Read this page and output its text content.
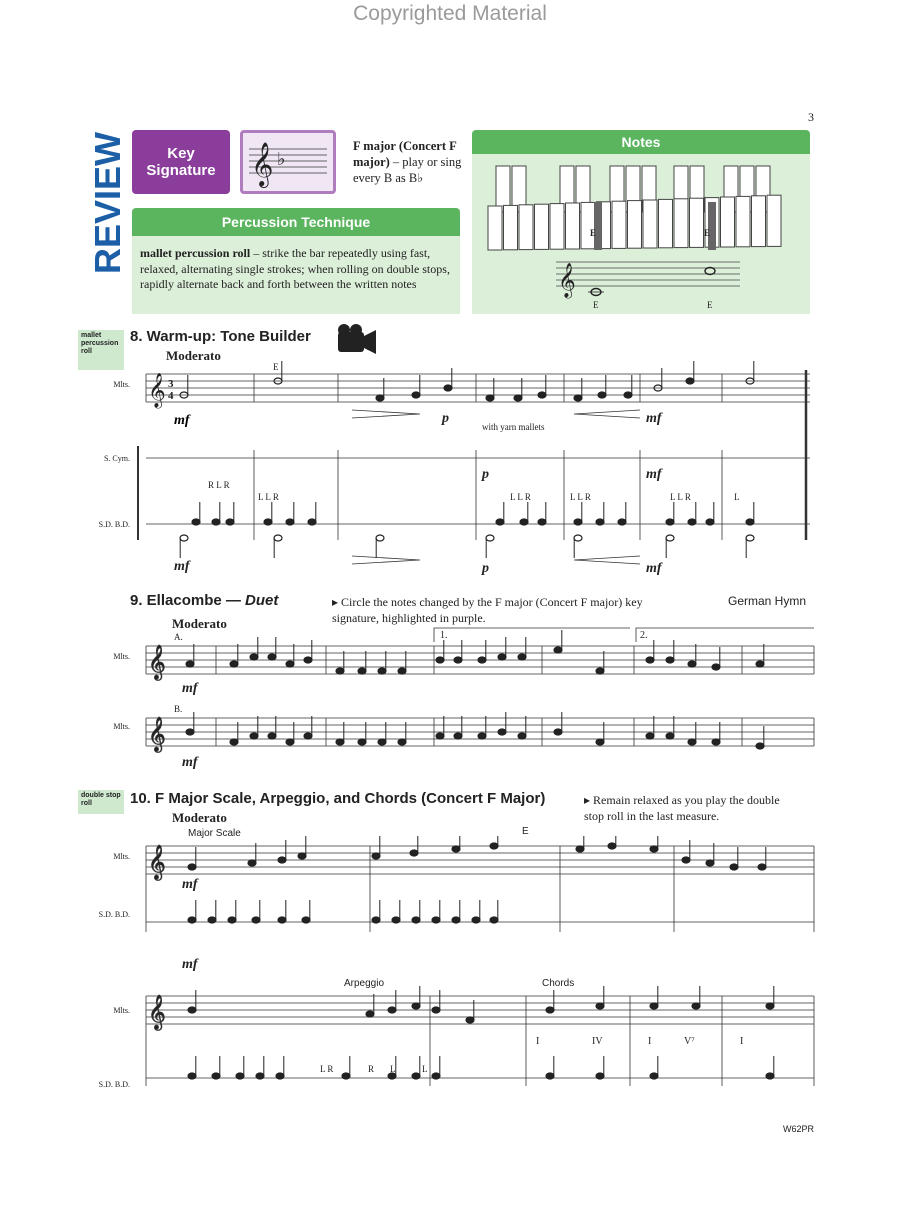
Copyrighted Material
3
REVIEW	Key Signature 𝄞 ♭
F major (Concert F major) – play or sing every B as B♭
Percussion Technique
mallet percussion roll – strike the bar repeatedly using fast, relaxed, alternating single strokes; when rolling on double stops, rapidly alternate back and forth between the written notes
Notes
E	E
𝄞
E	E
mallet percussion roll
8. Warm-up: Tone Builder
Moderato
Mlts.
S. Cym.
S.D. B.D.
𝄞 3
4
E
with yarn mallets
R L R
L L R	L L R	L L R	L L R	L
mf	p	mf
p	mf
mf	p	mf
9. Ellacombe — Duet	▸ Circle the notes changed by the F major (Concert F major) key signature, highlighted in purple.
German Hymn
Moderato
Mlts.
Mlts.
𝄞
𝄞
A.
B.
1.	2.
mf
mf
double stop roll	10. F Major Scale, Arpeggio, and Chords (Concert F Major)	▸ Remain relaxed as you play the double stop roll in the last measure.
Moderato
Major Scale	E
Arpeggio	Chords
Mlts.
S.D. B.D.
Mlts.
S.D. B.D.
𝄞
𝄞
I	IV	I	V⁷	I
L R	R L	L
mf
mf
W62PR
